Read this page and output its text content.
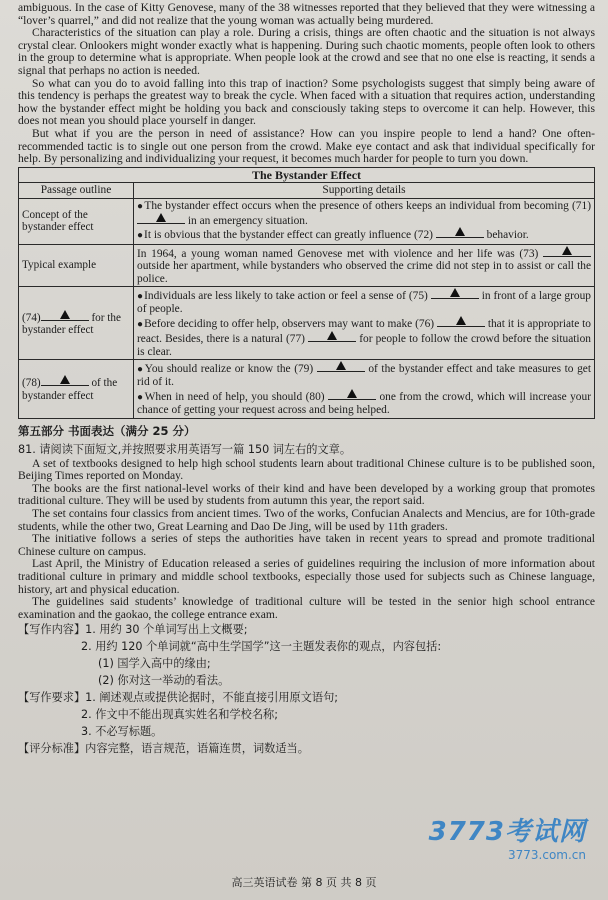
ambiguous. In the case of Kitty Genovese, many of the 38 witnesses reported that they believed that they were witnessing a “lover’s quarrel,” and did not realize that the young woman was actually being murdered.

Characteristics of the situation can play a role. During a crisis, things are often chaotic and the situation is not always crystal clear. Onlookers might wonder exactly what is happening. During such chaotic moments, people often look to others in the group to determine what is appropriate. When people look at the crowd and see that no one else is reacting, it sends a signal that perhaps no action is needed.

So what can you do to avoid falling into this trap of inaction? Some psychologists suggest that simply being aware of this tendency is perhaps the greatest way to break the cycle. When faced with a situation that requires action, understanding how the bystander effect might be holding you back and consciously taking steps to overcome it can help. However, this does not mean you should place yourself in danger.

But what if you are the person in need of assistance? How can you inspire people to lend a hand? One often-recommended tactic is to single out one person from the crowd. Make eye contact and ask that individual specifically for help. By personalizing and individualizing your request, it becomes much harder for people to turn you down.

The Bystander Effect	
Passage outline	Supporting details
Concept of the bystander effect	●The bystander effect occurs when the presence of others keeps an individual from becoming (71)
in an emergency situation.
●It is obvious that the bystander effect can greatly influence (72) behavior.

Typical example	In 1964, a young woman named Genovese met with violence and her life was (73)
outside her apartment, while bystanders who observed the crime did not step in to assist or call the police.

(74) for the bystander effect	●Individuals are less likely to take action or feel a sense of (75) in front of a large group of people.
●Before deciding to offer help, observers may want to make (76) that it is appropriate to react. Besides, there is a natural (77) for people to follow the crowd before the situation is clear.

(78) of the bystander effect	●You should realize or know the (79) of the bystander effect and take measures to get rid of it.
●When in need of help, you should (80) one from the crowd, which will increase your chance of getting your request across and being helped.
第五部分 书面表达（满分 25 分）

81. 请阅读下面短文,并按照要求用英语写一篇 150 词左右的文章。

A set of textbooks designed to help high school students learn about traditional Chinese culture is to be published soon, Beijing Times reported on Monday.

The books are the first national-level works of their kind and have been developed by a working group that promotes traditional culture. They will be used by students from autumn this year, the report said.

The set contains four classics from ancient times. Two of the works, Confucian Analects and Mencius, are for 10th-grade students, while the other two, Great Learning and Dao De Jing, will be used by 11th graders.

The initiative follows a series of steps the authorities have taken in recent years to spread and promote traditional Chinese culture on campus.

Last April, the Ministry of Education released a series of guidelines requiring the inclusion of more information about traditional culture in primary and middle school textbooks, especially those used for subjects such as Chinese language, history, art and physical education.

The guidelines said students’ knowledge of traditional culture will be tested in the senior high school entrance examination and the gaokao, the college entrance exam.

【写作内容】1. 用约 30 个单词写出上文概要;

2. 用约 120 个单词就“高中生学国学”这一主题发表你的观点，内容包括:

(1) 国学入高中的缘由;

(2) 你对这一举动的看法。

【写作要求】1. 阐述观点或提供论据时，不能直接引用原文语句;

2. 作文中不能出现真实姓名和学校名称;

3. 不必写标题。

【评分标准】内容完整，语言规范，语篇连贯，词数适当。

3773考试网
3773.com.cn
高三英语试卷 第 8 页 共 8 页
